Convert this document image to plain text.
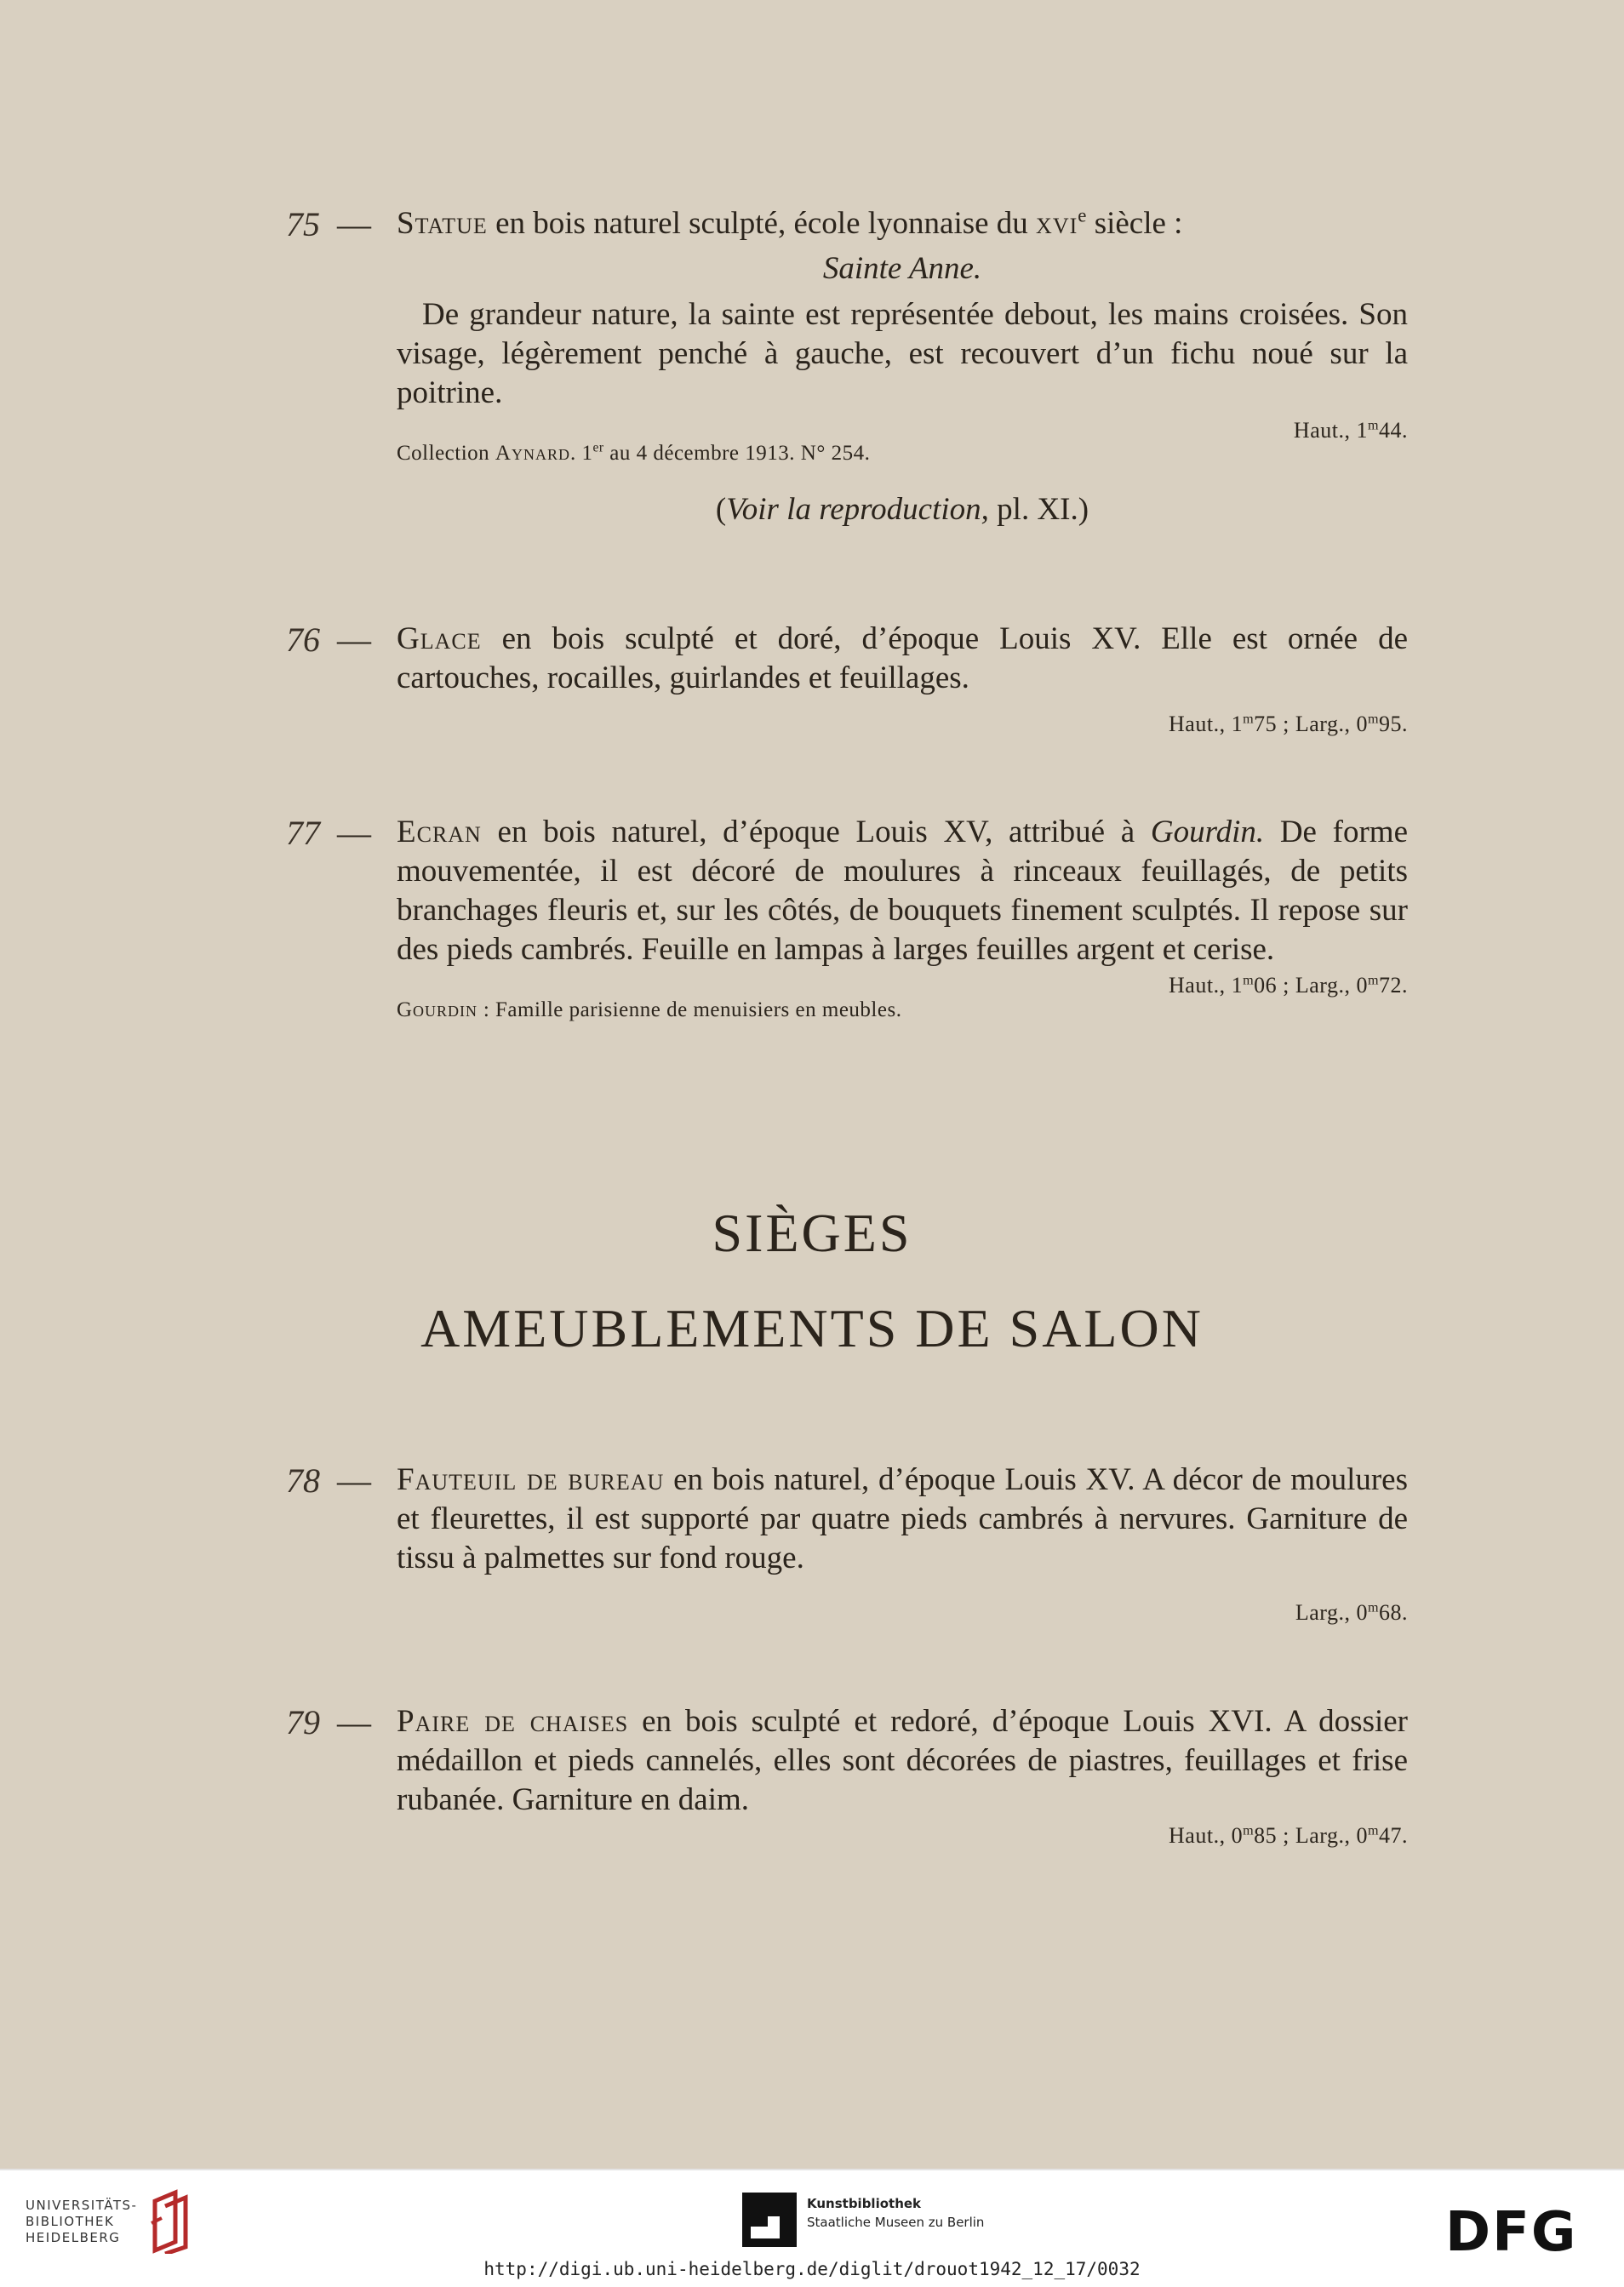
75 — Statue en bois naturel sculpté, école lyonnaise du xvi$^e$ siècle :
Sainte Anne.
De grandeur nature, la sainte est représentée debout, les mains croisées. Son visage, légèrement penché à gauche, est recouvert d’un fichu noué sur la poitrine.
Haut., 1$^m$44.
Collection Aynard. 1er au 4 décembre 1913. N° 254.
(Voir la reproduction, pl. XI.)
76 — Glace en bois sculpté et doré, d’époque Louis XV. Elle est ornée de cartouches, rocailles, guirlandes et feuillages.
Haut., 1$^m$75 ; Larg., 0$^m$95.
77 — Ecran en bois naturel, d’époque Louis XV, attribué à Gourdin. De forme mouvementée, il est décoré de moulures à rinceaux feuillagés, de petits branchages fleuris et, sur les côtés, de bouquets finement sculptés. Il repose sur des pieds cambrés. Feuille en lampas à larges feuilles argent et cerise.
Haut., 1$^m$06 ; Larg., 0$^m$72.
Gourdin : Famille parisienne de menuisiers en meubles.
SIÈGES
AMEUBLEMENTS DE SALON
78 — Fauteuil de bureau en bois naturel, d’époque Louis XV. A décor de moulures et fleurettes, il est supporté par quatre pieds cambrés à nervures. Garniture de tissu à palmettes sur fond rouge.
Larg., 0$^m$68.
79 — Paire de chaises en bois sculpté et redoré, d’époque Louis XVI. A dossier médaillon et pieds cannelés, elles sont décorées de piastres, feuillages et frise rubanée. Garniture en daim.
Haut., 0$^m$85 ; Larg., 0$^m$47.
UNIVERSITÄTS-
BIBLIOTHEK
HEIDELBERG
Kunstbibliothek
Staatliche Museen zu Berlin	DFG
http://digi.ub.uni-heidelberg.de/diglit/drouot1942_12_17/0032
